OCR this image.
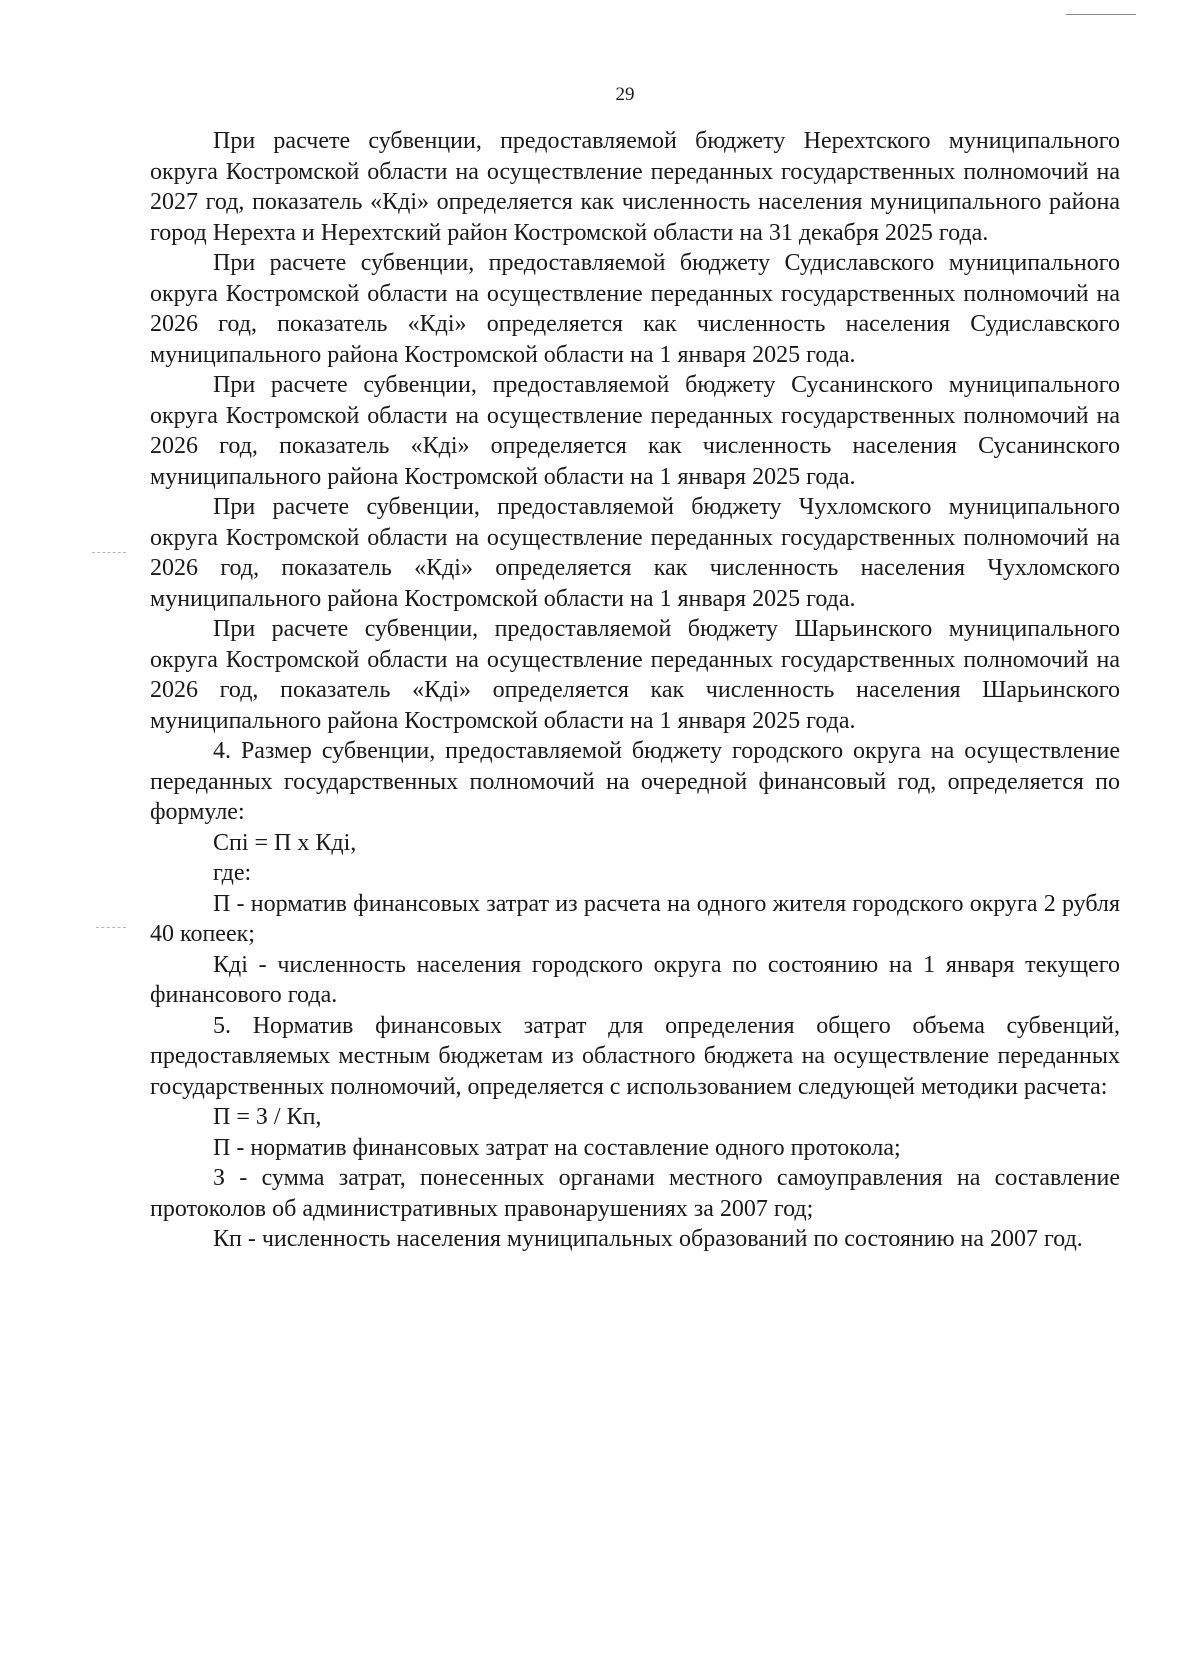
29

При расчете субвенции, предоставляемой бюджету Нерехтского муниципального округа Костромской области на осуществление переданных государственных полномочий на 2027 год, показатель «Кдi» определяется как численность населения муниципального района город Нерехта и Нерехтский район Костромской области на 31 декабря 2025 года.

При расчете субвенции, предоставляемой бюджету Судиславского муниципального округа Костромской области на осуществление переданных государственных полномочий на 2026 год, показатель «Кдi» определяется как численность населения Судиславского муниципального района Костромской области на 1 января 2025 года.

При расчете субвенции, предоставляемой бюджету Сусанинского муниципального округа Костромской области на осуществление переданных государственных полномочий на 2026 год, показатель «Кдi» определяется как численность населения Сусанинского муниципального района Костромской области на 1 января 2025 года.

При расчете субвенции, предоставляемой бюджету Чухломского муниципального округа Костромской области на осуществление переданных государственных полномочий на 2026 год, показатель «Кдi» определяется как численность населения Чухломского муниципального района Костромской области на 1 января 2025 года.

При расчете субвенции, предоставляемой бюджету Шарьинского муниципального округа Костромской области на осуществление переданных государственных полномочий на 2026 год, показатель «Кдi» определяется как численность населения Шарьинского муниципального района Костромской области на 1 января 2025 года.

4. Размер субвенции, предоставляемой бюджету городского округа на осуществление переданных государственных полномочий на очередной финансовый год, определяется по формуле:

Спi = П х Кдi,

где:

П - норматив финансовых затрат из расчета на одного жителя городского округа 2 рубля 40 копеек;

Кдi - численность населения городского округа по состоянию на 1 января текущего финансового года.

5. Норматив финансовых затрат для определения общего объема субвенций, предоставляемых местным бюджетам из областного бюджета на осуществление переданных государственных полномочий, определяется с использованием следующей методики расчета:

П = З / Кп,

П - норматив финансовых затрат на составление одного протокола;

З - сумма затрат, понесенных органами местного самоуправления на составление протоколов об административных правонарушениях за 2007 год;

Кп - численность населения муниципальных образований по состоянию на 2007 год.
